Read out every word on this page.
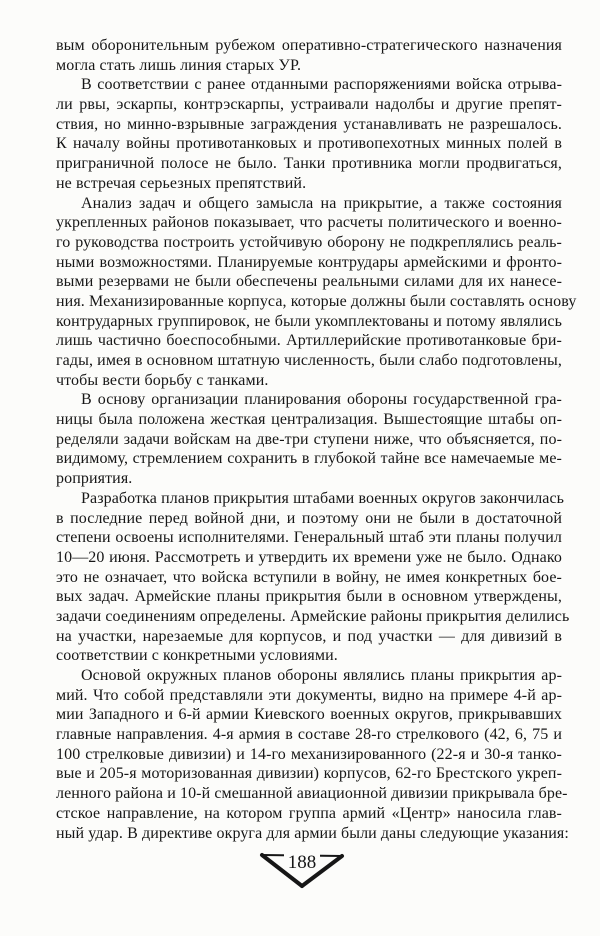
вым оборонительным рубежом оперативно-стратегического назначения
могла стать лишь линия старых УР.
В соответствии с ранее отданными распоряжениями войска отрыва-
ли рвы, эскарпы, контрэскарпы, устраивали надолбы и другие препят-
ствия, но минно-взрывные заграждения устанавливать не разрешалось.
К началу войны противотанковых и противопехотных минных полей в
приграничной полосе не было. Танки противника могли продвигаться,
не встречая серьезных препятствий.
Анализ задач и общего замысла на прикрытие, а также состояния
укрепленных районов показывает, что расчеты политического и военно-
го руководства построить устойчивую оборону не подкреплялись реаль-
ными возможностями. Планируемые контрудары армейскими и фронто-
выми резервами не были обеспечены реальными силами для их нанесе-
ния. Механизированные корпуса, которые должны были составлять основу
контрударных группировок, не были укомплектованы и потому являлись
лишь частично боеспособными. Артиллерийские противотанковые бри-
гады, имея в основном штатную численность, были слабо подготовлены,
чтобы вести борьбу с танками.
В основу организации планирования обороны государственной гра-
ницы была положена жесткая централизация. Вышестоящие штабы оп-
ределяли задачи войскам на две-три ступени ниже, что объясняется, по-
видимому, стремлением сохранить в глубокой тайне все намечаемые ме-
роприятия.
Разработка планов прикрытия штабами военных округов закончилась
в последние перед войной дни, и поэтому они не были в достаточной
степени освоены исполнителями. Генеральный штаб эти планы получил
10—20 июня. Рассмотреть и утвердить их времени уже не было. Однако
это не означает, что войска вступили в войну, не имея конкретных бое-
вых задач. Армейские планы прикрытия были в основном утверждены,
задачи соединениям определены. Армейские районы прикрытия делились
на участки, нарезаемые для корпусов, и под участки — для дивизий в
соответствии с конкретными условиями.
Основой окружных планов обороны являлись планы прикрытия ар-
мий. Что собой представляли эти документы, видно на примере 4-й ар-
мии Западного и 6-й армии Киевского военных округов, прикрывавших
главные направления. 4-я армия в составе 28-го стрелкового (42, 6, 75 и
100 стрелковые дивизии) и 14-го механизированного (22-я и 30-я танко-
вые и 205-я моторизованная дивизии) корпусов, 62-го Брестского укреп-
ленного района и 10-й смешанной авиационной дивизии прикрывала бре-
стское направление, на котором группа армий «Центр» наносила глав-
ный удар. В директиве округа для армии были даны следующие указания:
188
